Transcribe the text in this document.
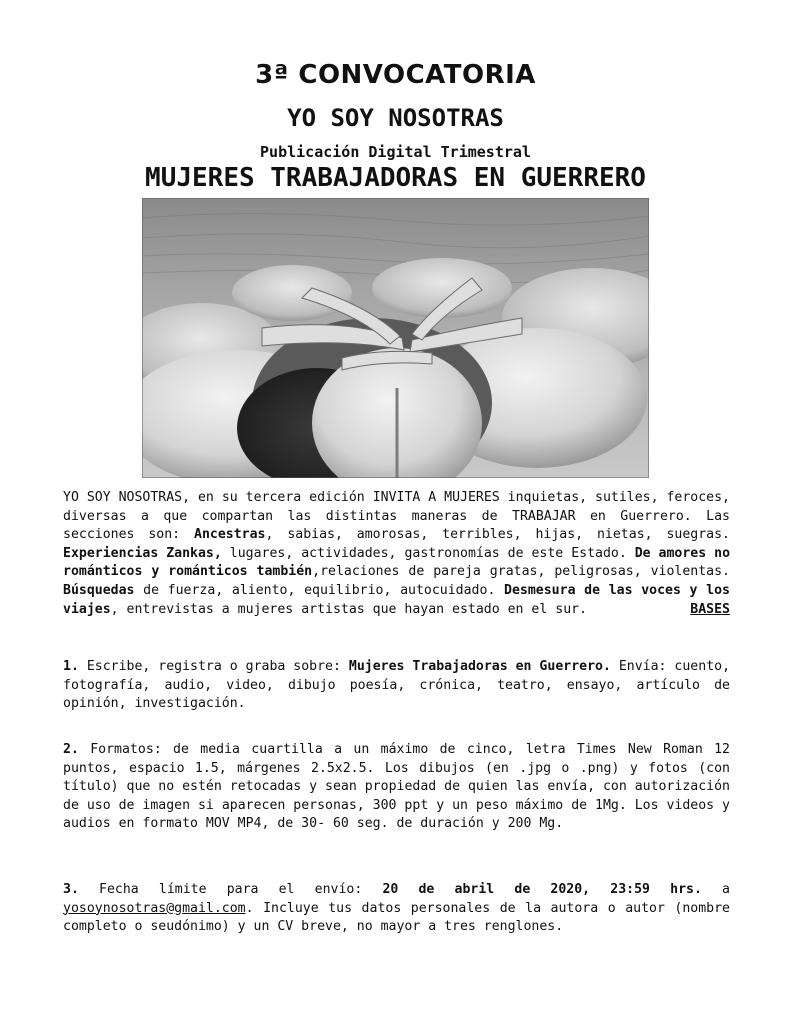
3ª CONVOCATORIA
YO SOY NOSOTRAS
Publicación Digital Trimestral
MUJERES TRABAJADORAS EN GUERRERO
YO SOY NOSOTRAS, en su tercera edición INVITA A MUJERES inquietas, sutiles, feroces, diversas a que compartan las distintas maneras de TRABAJAR en Guerrero. Las secciones son: Ancestras, sabias, amorosas, terribles, hijas, nietas, suegras. Experiencias Zankas, lugares, actividades, gastronomías de este Estado. De amores no románticos y románticos también,relaciones de pareja gratas, peligrosas, violentas. Búsquedas de fuerza, aliento, equilibrio, autocuidado. Desmesura de las voces y los viajes, entrevistas a mujeres artistas que hayan estado en el sur.	BASES
1. Escribe, registra o graba sobre: Mujeres Trabajadoras en Guerrero. Envía: cuento, fotografía, audio, video, dibujo poesía, crónica, teatro, ensayo, artículo de opinión, investigación.
2. Formatos: de media cuartilla a un máximo de cinco, letra Times New Roman 12 puntos, espacio 1.5, márgenes 2.5x2.5. Los dibujos (en .jpg o .png) y fotos (con título) que no estén retocadas y sean propiedad de quien las envía, con autorización de uso de imagen si aparecen personas, 300 ppt y un peso máximo de 1Mg. Los videos y audios en formato MOV MP4, de 30- 60 seg. de duración y 200 Mg.
3. Fecha límite para el envío: 20 de abril de 2020, 23:59 hrs. a yosoynosotras@gmail.com. Incluye tus datos personales de la autora o autor (nombre completo o seudónimo) y un CV breve, no mayor a tres renglones.
